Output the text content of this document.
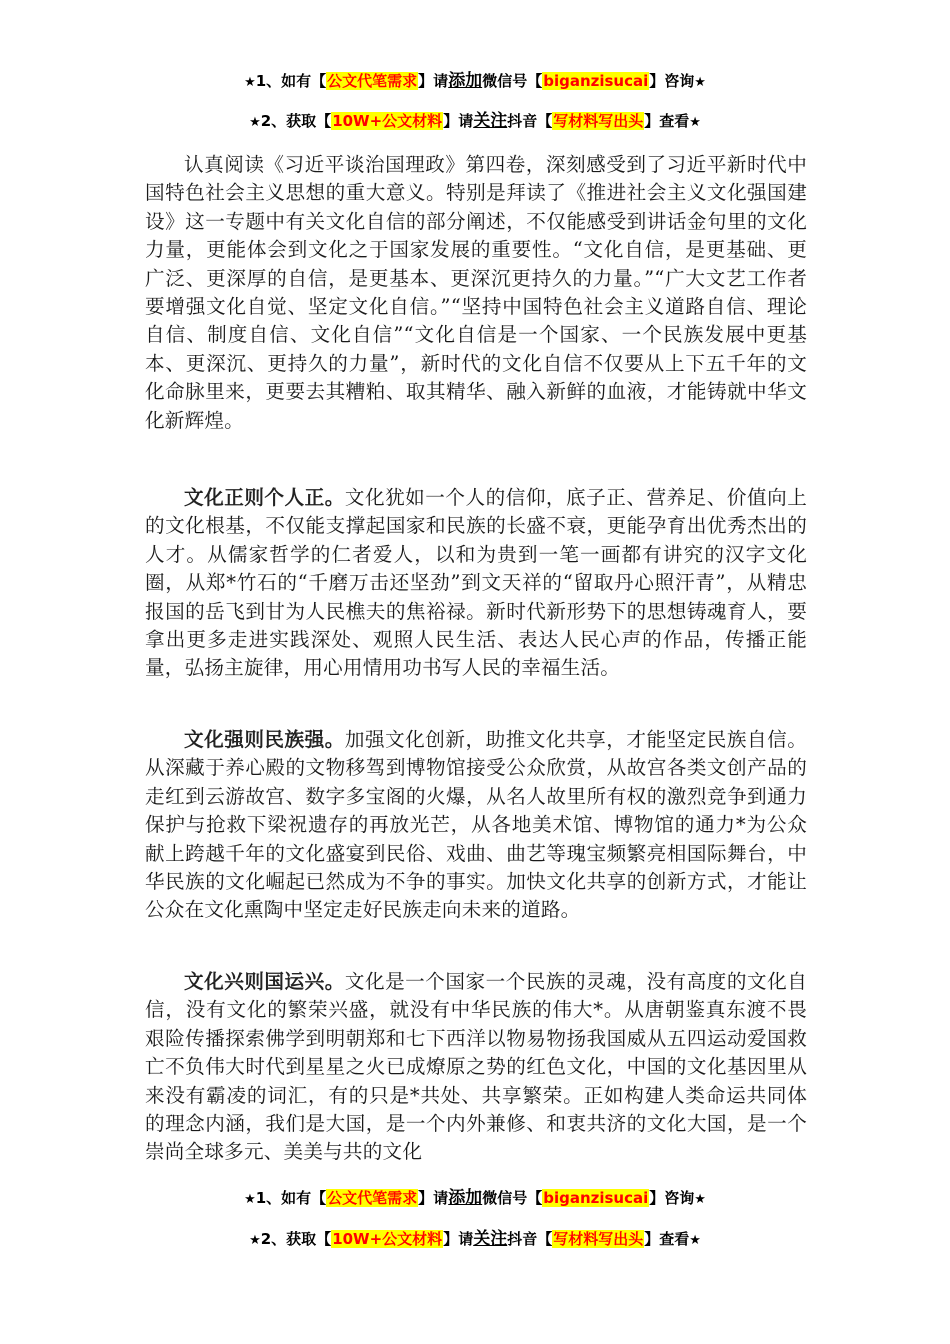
★1、如有【公文代笔需求】请添加微信号【biganzisucai】咨询★
★2、获取【10W+公文材料】请关注抖音【写材料写出头】查看★

认真阅读《习近平谈治国理政》第四卷，深刻感受到了习近平新时代中国特色社会主义思想的重大意义。特别是拜读了《推进社会主义文化强国建设》这一专题中有关文化自信的部分阐述，不仅能感受到讲话金句里的文化力量，更能体会到文化之于国家发展的重要性。“文化自信，是更基础、更广泛、更深厚的自信，是更基本、更深沉更持久的力量。”“广大文艺工作者要增强文化自觉、坚定文化自信。”“坚持中国特色社会主义道路自信、理论自信、制度自信、文化自信”“文化自信是一个国家、一个民族发展中更基本、更深沉、更持久的力量”，新时代的文化自信不仅要从上下五千年的文化命脉里来，更要去其糟粕、取其精华、融入新鲜的血液，才能铸就中华文化新辉煌。

文化正则个人正。文化犹如一个人的信仰，底子正、营养足、价值向上的文化根基，不仅能支撑起国家和民族的长盛不衰，更能孕育出优秀杰出的人才。从儒家哲学的仁者爱人，以和为贵到一笔一画都有讲究的汉字文化圈，从郑*竹石的“千磨万击还坚劲”到文天祥的“留取丹心照汗青”，从精忠报国的岳飞到甘为人民樵夫的焦裕禄。新时代新形势下的思想铸魂育人，要拿出更多走进实践深处、观照人民生活、表达人民心声的作品，传播正能量，弘扬主旋律，用心用情用功书写人民的幸福生活。

文化强则民族强。加强文化创新，助推文化共享，才能坚定民族自信。从深藏于养心殿的文物移驾到博物馆接受公众欣赏，从故宫各类文创产品的走红到云游故宫、数字多宝阁的火爆，从名人故里所有权的激烈竞争到通力保护与抢救下梁祝遗存的再放光芒，从各地美术馆、博物馆的通力*为公众献上跨越千年的文化盛宴到民俗、戏曲、曲艺等瑰宝频繁亮相国际舞台，中华民族的文化崛起已然成为不争的事实。加快文化共享的创新方式，才能让公众在文化熏陶中坚定走好民族走向未来的道路。

文化兴则国运兴。文化是一个国家一个民族的灵魂，没有高度的文化自信，没有文化的繁荣兴盛，就没有中华民族的伟大*。从唐朝鉴真东渡不畏艰险传播探索佛学到明朝郑和七下西洋以物易物扬我国威从五四运动爱国救亡不负伟大时代到星星之火已成燎原之势的红色文化，中国的文化基因里从来没有霸凌的词汇，有的只是*共处、共享繁荣。正如构建人类命运共同体的理念内涵，我们是大国，是一个内外兼修、和衷共济的文化大国，是一个崇尚全球多元、美美与共的文化

★1、如有【公文代笔需求】请添加微信号【biganzisucai】咨询★
★2、获取【10W+公文材料】请关注抖音【写材料写出头】查看★
